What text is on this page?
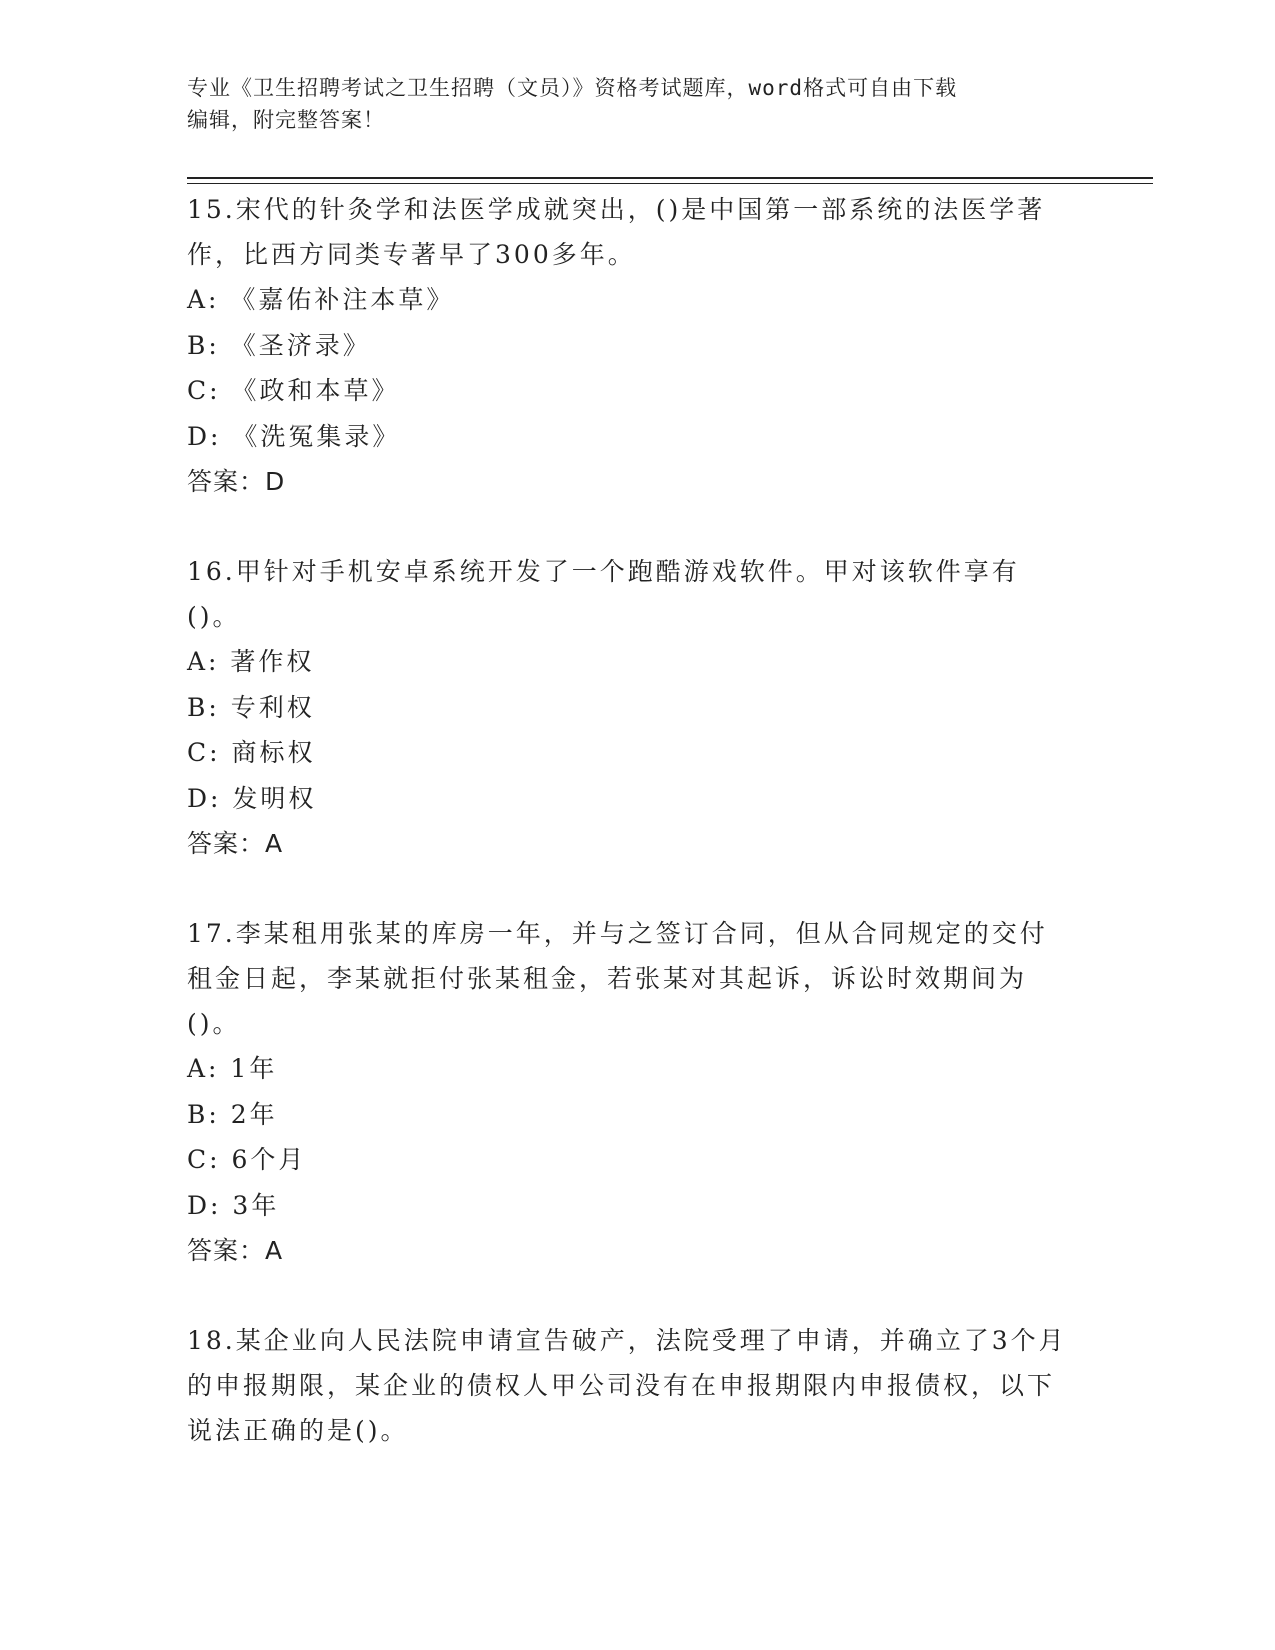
专业《卫生招聘考试之卫生招聘（文员）》资格考试题库，word格式可自由下载
编辑，附完整答案！

15.宋代的针灸学和法医学成就突出，()是中国第一部系统的法医学著作，比西方同类专著早了300多年。

A: 《嘉佑补注本草》

B: 《圣济录》

C: 《政和本草》

D: 《洗冤集录》

答案：D

16.甲针对手机安卓系统开发了一个跑酷游戏软件。甲对该软件享有()。

A: 著作权

B: 专利权

C: 商标权

D: 发明权

答案：A

17.李某租用张某的库房一年，并与之签订合同，但从合同规定的交付租金日起，李某就拒付张某租金，若张某对其起诉，诉讼时效期间为()。

A: 1年

B: 2年

C: 6个月

D: 3年

答案：A

18.某企业向人民法院申请宣告破产，法院受理了申请，并确立了3个月的申报期限，某企业的债权人甲公司没有在申报期限内申报债权，以下说法正确的是()。
